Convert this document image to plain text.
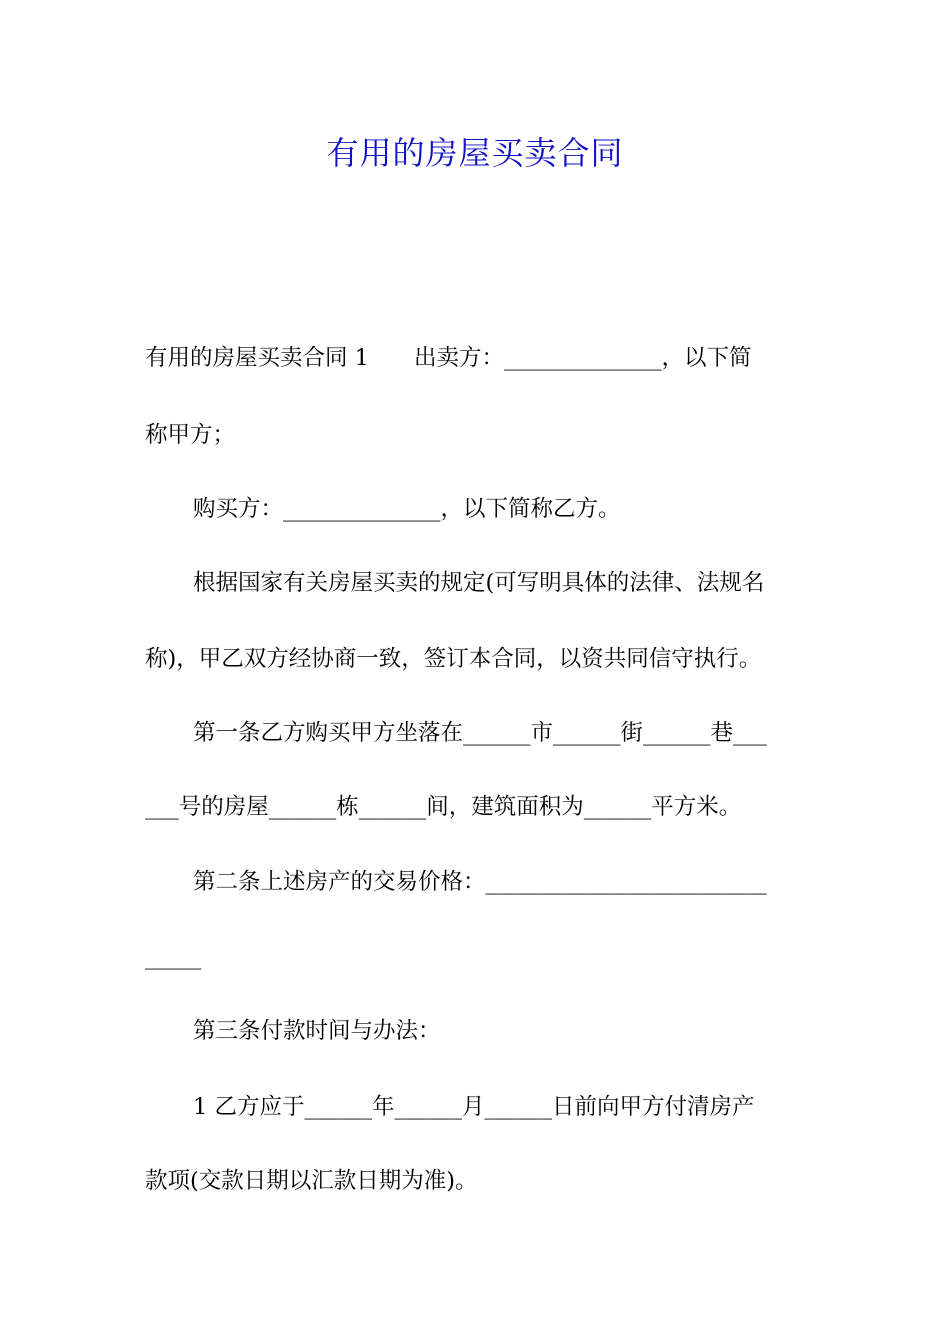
有用的房屋买卖合同

有用的房屋买卖合同 1　　出卖方：______________，以下简

称甲方；

购买方：______________，以下简称乙方。

根据国家有关房屋买卖的规定(可写明具体的法律、法规名

称)，甲乙双方经协商一致，签订本合同，以资共同信守执行。

第一条乙方购买甲方坐落在______市______街______巷___

___号的房屋______栋______间，建筑面积为______平方米。

第二条上述房产的交易价格：_________________________

_____

第三条付款时间与办法：

1 乙方应于______年______月______日前向甲方付清房产

款项(交款日期以汇款日期为准)。
